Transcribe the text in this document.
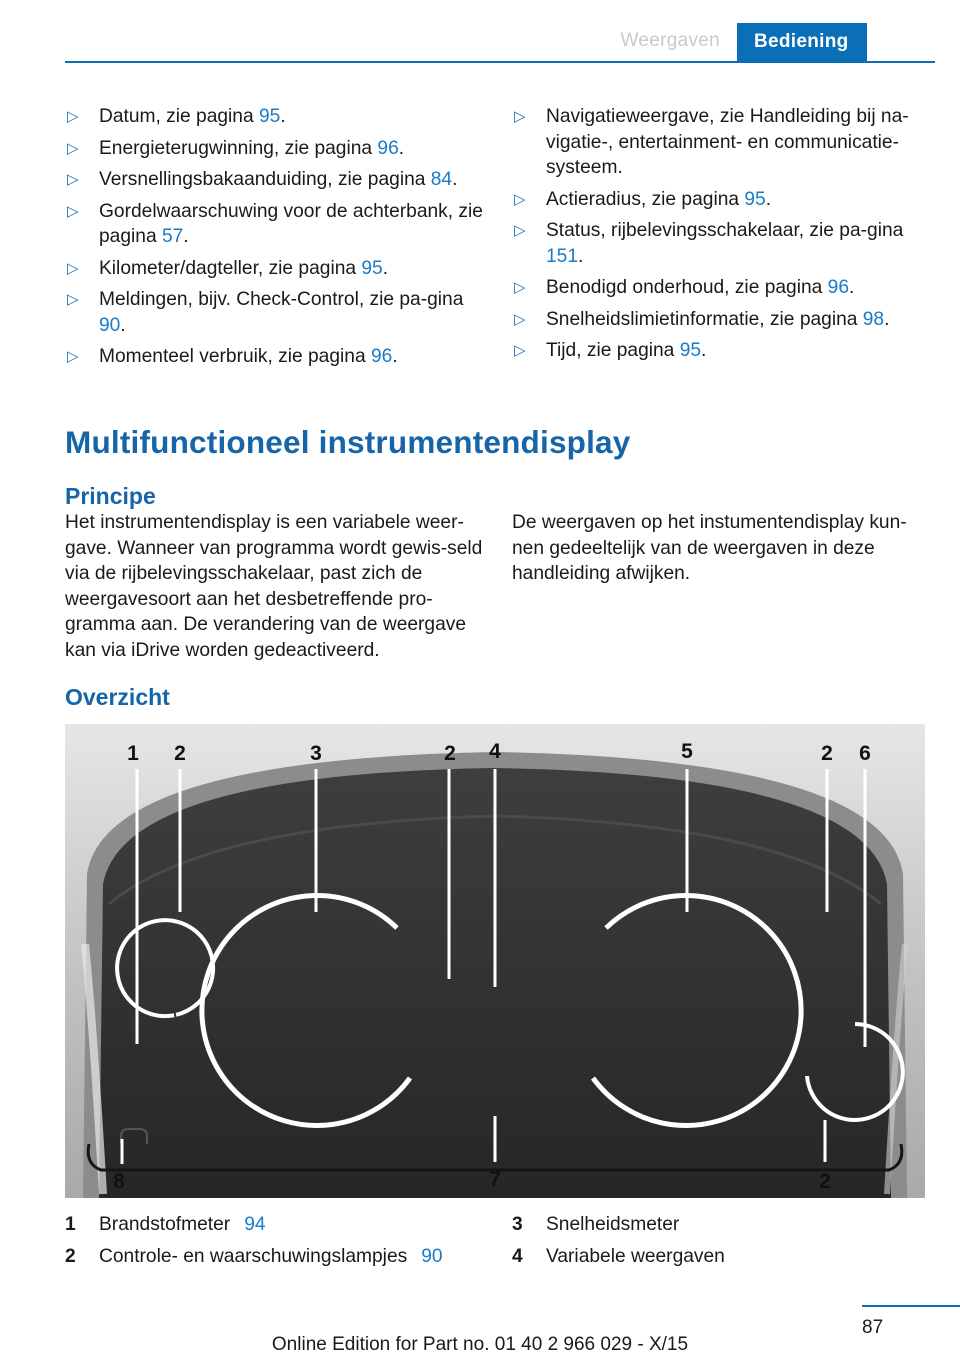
Weergaven	Bediening
▷ Datum, zie pagina 95.
▷ Energieterugwinning, zie pagina 96.
▷ Versnellingsbakaanduiding, zie pagina 84.
▷ Gordelwaarschuwing voor de achterbank, zie pagina 57.
▷ Kilometer/dagteller, zie pagina 95.
▷ Meldingen, bijv. Check-Control, zie pa‐gina 90.
▷ Momenteel verbruik, zie pagina 96.
▷ Navigatieweergave, zie Handleiding bij na‐vigatie-, entertainment- en communicatie‐systeem.
▷ Actieradius, zie pagina 95.
▷ Status, rijbelevingsschakelaar, zie pa‐gina 151.
▷ Benodigd onderhoud, zie pagina 96.
▷ Snelheidslimietinformatie, zie pagina 98.
▷ Tijd, zie pagina 95.
Multifunctioneel instrumentendisplay
Principe
Het instrumentendisplay is een variabele weer‐gave. Wanneer van programma wordt gewis‐seld via de rijbelevingsschakelaar, past zich de weergavesoort aan het desbetreffende pro‐gramma aan. De verandering van de weergave kan via iDrive worden gedeactiveerd.
De weergaven op het instumentendisplay kun‐nen gedeeltelijk van de weergaven in deze handleiding afwijken.
Overzicht
1 2	3	2 4	5	2 6
8	7	2
1 Brandstofmeter 94
2 Controle- en waarschuwingslampjes 90
3 Snelheidsmeter
4 Variabele weergaven
87
Online Edition for Part no. 01 40 2 966 029 - X/15
